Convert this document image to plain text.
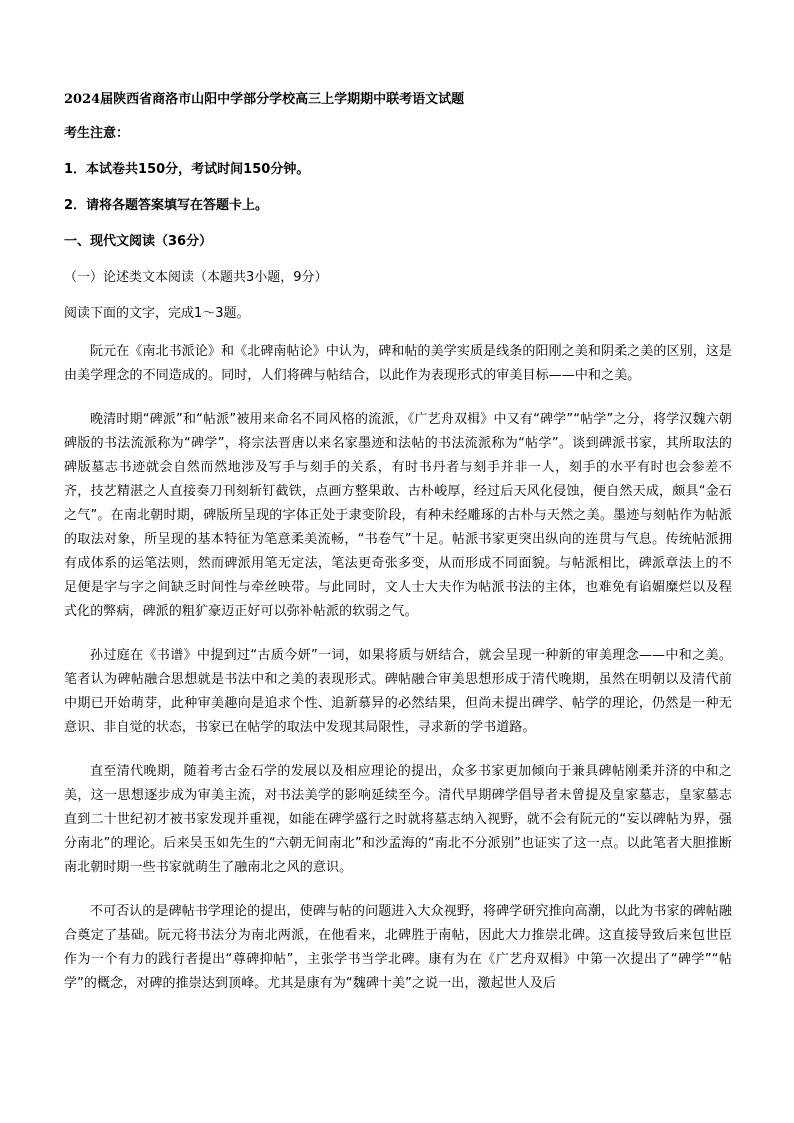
2024届陕西省商洛市山阳中学部分学校高三上学期期中联考语文试题
考生注意：
1．本试卷共150分，考试时间150分钟。
2．请将各题答案填写在答题卡上。
一、现代文阅读（36分）
（一）论述类文本阅读（本题共3小题，9分）
阅读下面的文字，完成1～3题。

阮元在《南北书派论》和《北碑南帖论》中认为，碑和帖的美学实质是线条的阳刚之美和阴柔之美的区别，这是由美学理念的不同造成的。同时，人们将碑与帖结合，以此作为表现形式的审美目标——中和之美。

晚清时期“碑派”和“帖派”被用来命名不同风格的流派，《广艺舟双楫》中又有“碑学”“帖学”之分，将学汉魏六朝碑版的书法流派称为“碑学”，将宗法晋唐以来名家墨迹和法帖的书法流派称为“帖学”。谈到碑派书家，其所取法的碑版墓志书迹就会自然而然地涉及写手与刻手的关系，有时书丹者与刻手并非一人，刻手的水平有时也会参差不齐，技艺精湛之人直接奏刀刊刻斩钉截铁，点画方整果敢、古朴峻厚，经过后天风化侵蚀，便自然天成，颇具“金石之气”。在南北朝时期，碑版所呈现的字体正处于隶变阶段，有种未经雕琢的古朴与天然之美。墨迹与刻帖作为帖派的取法对象，所呈现的基本特征为笔意柔美流畅，“书卷气”十足。帖派书家更突出纵向的连贯与气息。传统帖派拥有成体系的运笔法则，然而碑派用笔无定法，笔法更奇张多变，从而形成不同面貌。与帖派相比，碑派章法上的不足便是字与字之间缺乏时间性与牵丝映带。与此同时，文人士大夫作为帖派书法的主体，也难免有谄媚糜烂以及程式化的弊病，碑派的粗犷豪迈正好可以弥补帖派的软弱之气。

孙过庭在《书谱》中提到过“古质今妍”一词，如果将质与妍结合，就会呈现一种新的审美理念——中和之美。笔者认为碑帖融合思想就是书法中和之美的表现形式。碑帖融合审美思想形成于清代晚期，虽然在明朝以及清代前中期已开始萌芽，此种审美趣向是追求个性、追新慕异的必然结果，但尚未提出碑学、帖学的理论，仍然是一种无意识、非自觉的状态，书家已在帖学的取法中发现其局限性，寻求新的学书道路。

直至清代晚期，随着考古金石学的发展以及相应理论的提出，众多书家更加倾向于兼具碑帖刚柔并济的中和之美，这一思想逐步成为审美主流，对书法美学的影响延续至今。清代早期碑学倡导者未曾提及皇家墓志，皇家墓志直到二十世纪初才被书家发现并重视，如能在碑学盛行之时就将墓志纳入视野，就不会有阮元的“妄以碑帖为界，强分南北”的理论。后来吴玉如先生的“六朝无间南北”和沙孟海的“南北不分派别”也证实了这一点。以此笔者大胆推断南北朝时期一些书家就萌生了融南北之风的意识。

不可否认的是碑帖书学理论的提出，使碑与帖的问题进入大众视野，将碑学研究推向高潮，以此为书家的碑帖融合奠定了基础。阮元将书法分为南北两派，在他看来，北碑胜于南帖，因此大力推崇北碑。这直接导致后来包世臣作为一个有力的践行者提出“尊碑抑帖”，主张学书当学北碑。康有为在《广艺舟双楫》中第一次提出了“碑学”“帖学”的概念，对碑的推崇达到顶峰。尤其是康有为“魏碑十美”之说一出，激起世人及后
